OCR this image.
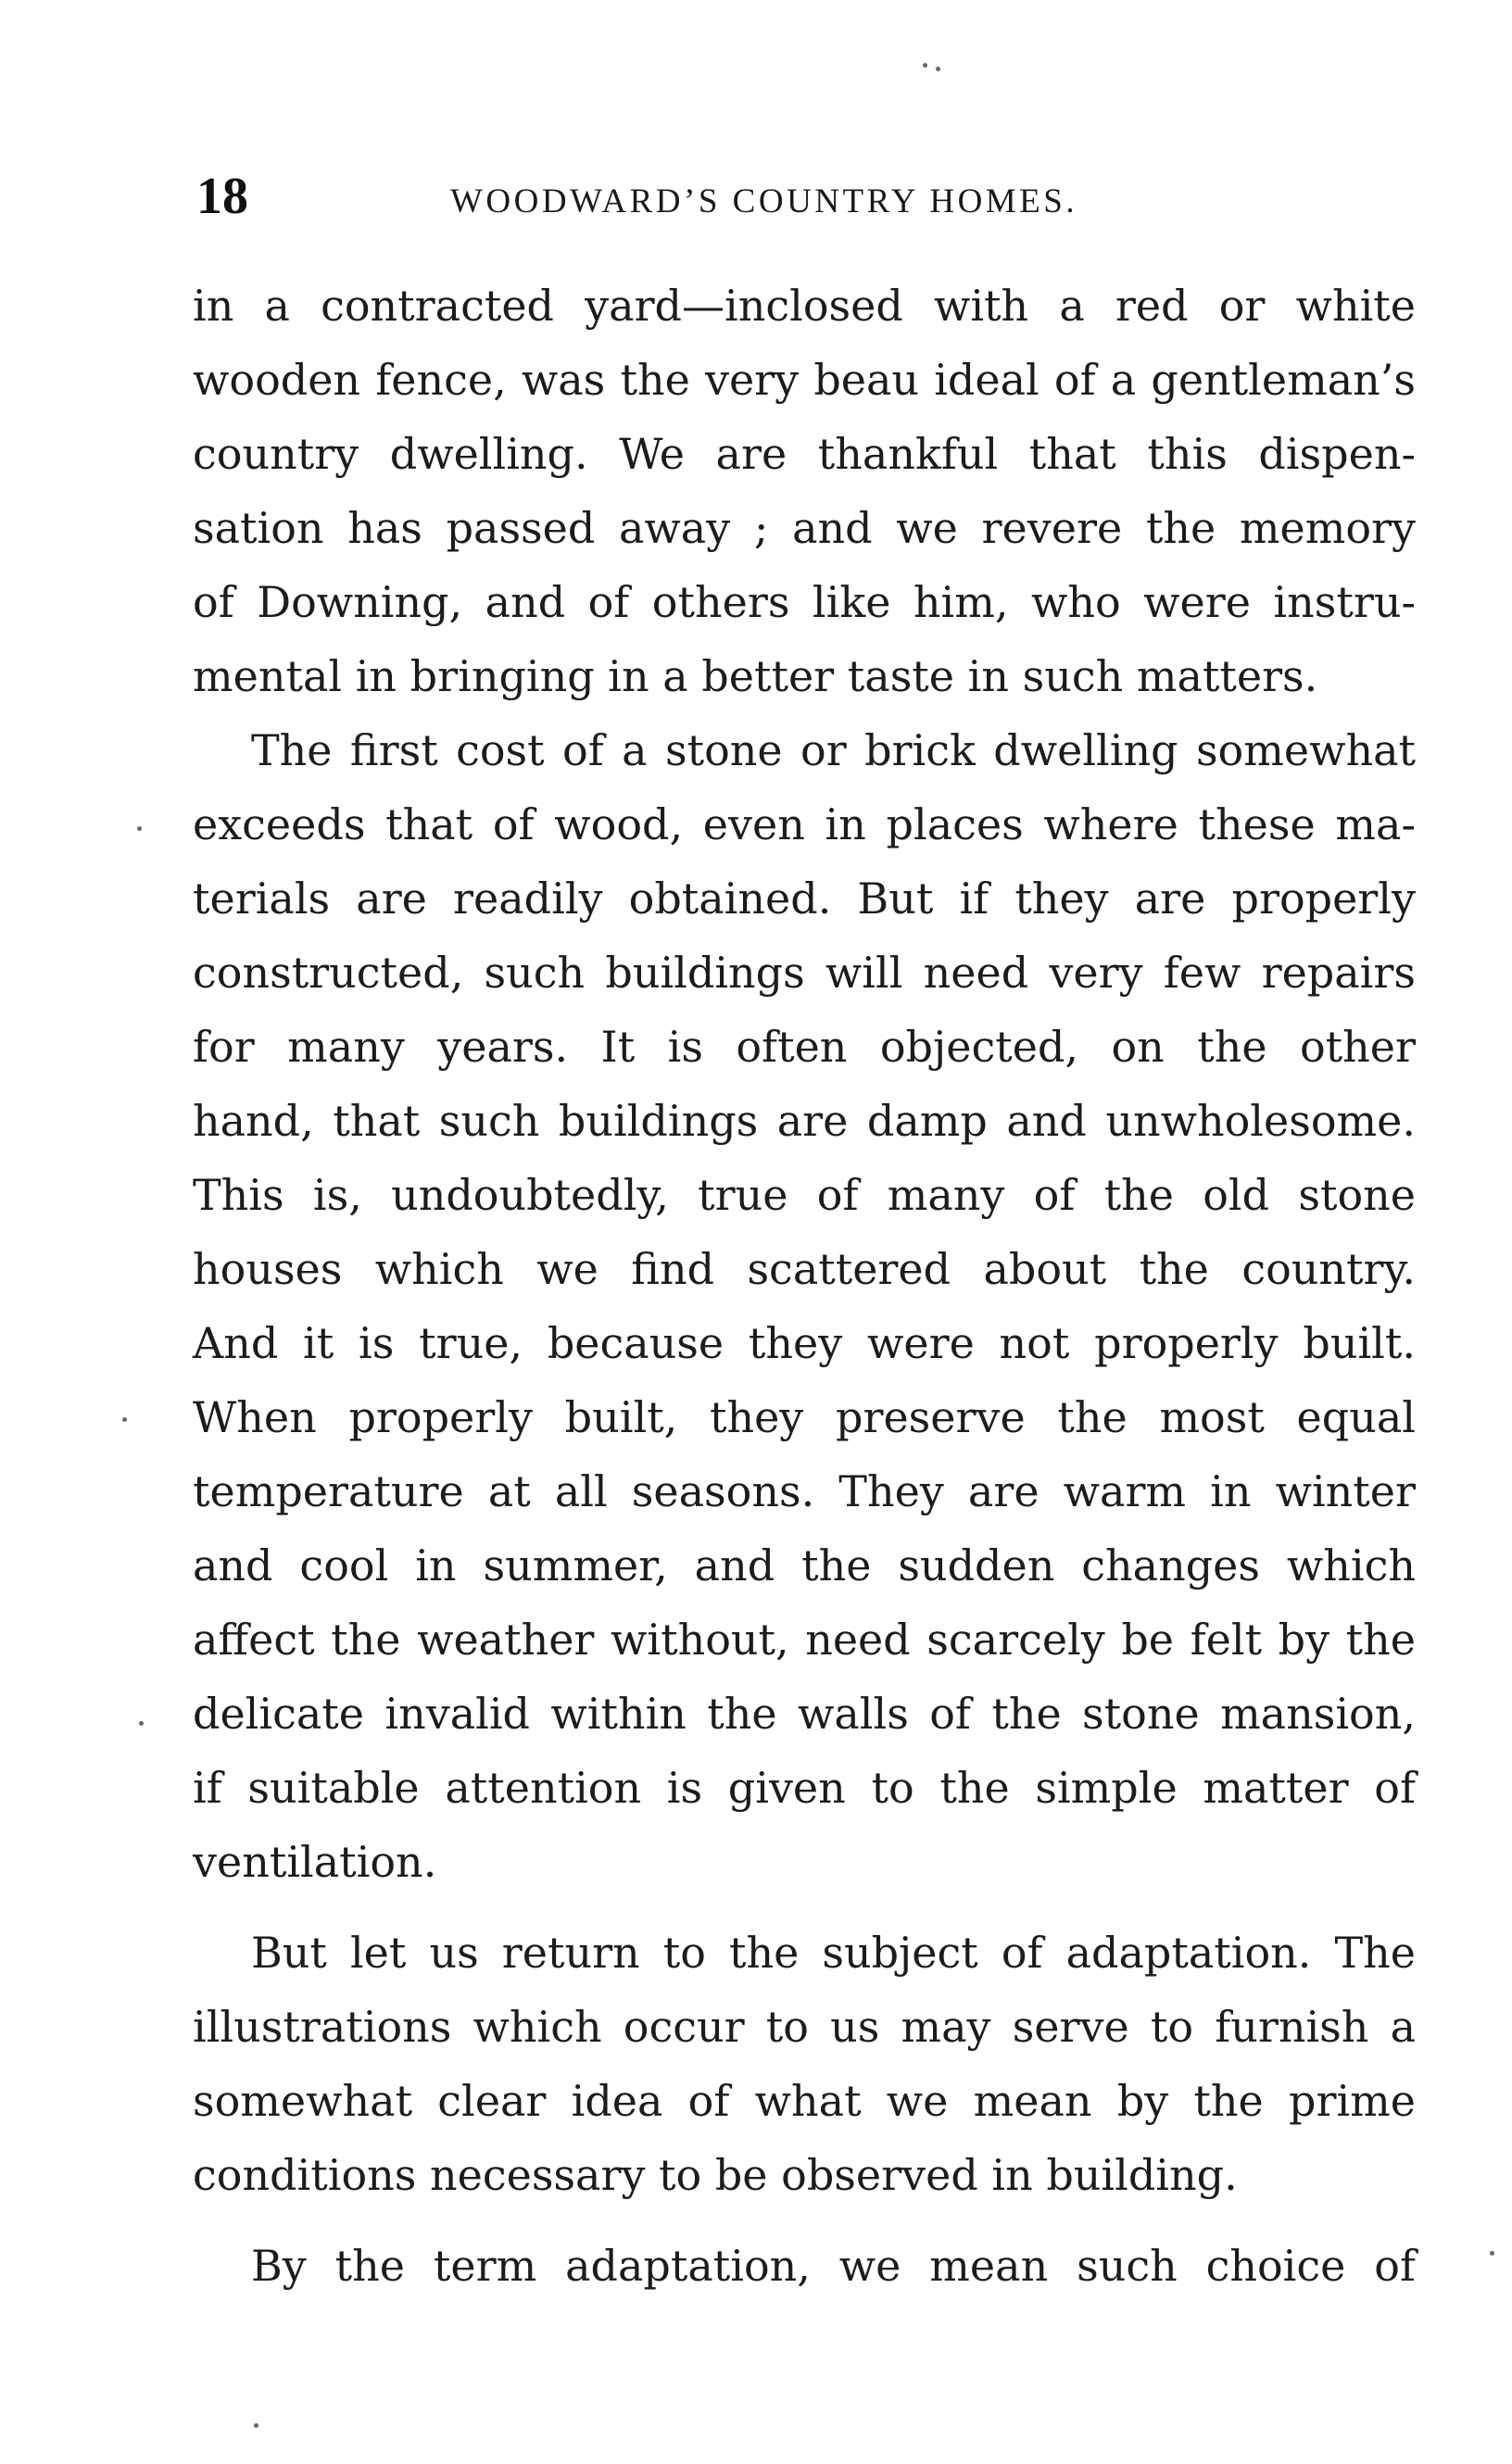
18	WOODWARD’S COUNTRY HOMES.
in a contracted yard—inclosed with a red or white
wooden fence, was the very beau ideal of a gentleman’s
country dwelling. We are thankful that this dispen-
sation has passed away ; and we revere the memory
of Downing, and of others like him, who were instru-
mental in bringing in a better taste in such matters.
The first cost of a stone or brick dwelling somewhat
exceeds that of wood, even in places where these ma-
terials are readily obtained. But if they are properly
constructed, such buildings will need very few repairs
for many years. It is often objected, on the other
hand, that such buildings are damp and unwholesome.
This is, undoubtedly, true of many of the old stone
houses which we find scattered about the country.
And it is true, because they were not properly built.
When properly built, they preserve the most equal
temperature at all seasons. They are warm in winter
and cool in summer, and the sudden changes which
affect the weather without, need scarcely be felt by the
delicate invalid within the walls of the stone mansion,
if suitable attention is given to the simple matter of
ventilation.
But let us return to the subject of adaptation. The
illustrations which occur to us may serve to furnish a
somewhat clear idea of what we mean by the prime
conditions necessary to be observed in building.
By the term adaptation, we mean such choice of
